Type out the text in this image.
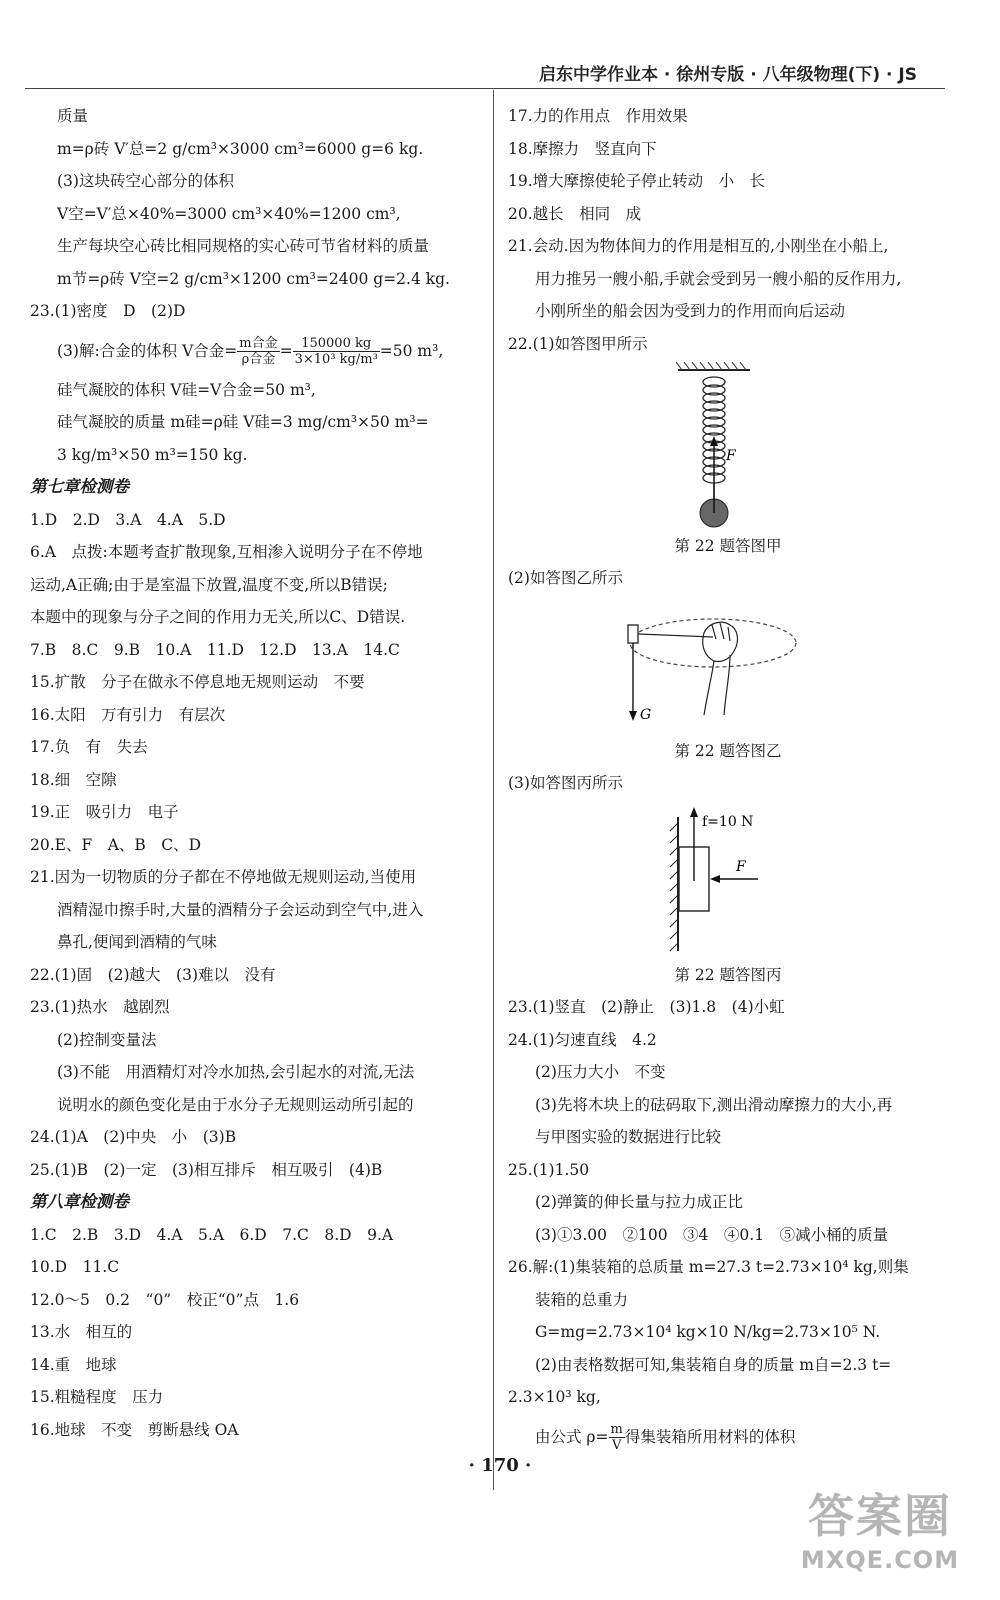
启东中学作业本 · 徐州专版 · 八年级物理(下) · JS
质量
m=ρ砖 V′总=2 g/cm³×3000 cm³=6000 g=6 kg.
(3)这块砖空心部分的体积
V空=V′总×40%=3000 cm³×40%=1200 cm³,
生产每块空心砖比相同规格的实心砖可节省材料的质量
m节=ρ砖 V空=2 g/cm³×1200 cm³=2400 g=2.4 kg.
23.(1)密度　D　(2)D
(3)解:合金的体积 V合金= $\frac{\text{m合金}}{\text{ρ合金}} = \frac{150000 kg}{\text{3×10³ kg/m³}} =50$ m³,
硅气凝胶的体积 V硅=V合金=50 m³,
硅气凝胶的质量 m硅=ρ硅 V硅=3 mg/cm³×50 m³=
3 kg/m³×50 m³=150 kg.
第七章检测卷
1.D　2.D　3.A　4.A　5.D
6.A　点拨:本题考查扩散现象,互相渗入说明分子在不停地
运动,A正确;由于是室温下放置,温度不变,所以B错误;
本题中的现象与分子之间的作用力无关,所以C、D错误.
7.B　8.C　9.B　10.A　11.D　12.D　13.A　14.C
15.扩散　分子在做永不停息地无规则运动　不要
16.太阳　万有引力　有层次
17.负　有　失去
18.细　空隙
19.正　吸引力　电子
20.E、F　A、B　C、D
21.因为一切物质的分子都在不停地做无规则运动,当使用
酒精湿巾擦手时,大量的酒精分子会运动到空气中,进入
鼻孔,便闻到酒精的气味
22.(1)固　(2)越大　(3)难以　没有
23.(1)热水　越剧烈
(2)控制变量法
(3)不能　用酒精灯对冷水加热,会引起水的对流,无法
说明水的颜色变化是由于水分子无规则运动所引起的
24.(1)A　(2)中央　小　(3)B
25.(1)B　(2)一定　(3)相互排斥　相互吸引　(4)B
第八章检测卷
1.C　2.B　3.D　4.A　5.A　6.D　7.C　8.D　9.A
10.D　11.C
12.0～5　0.2　“0”　校正“0”点　1.6
13.水　相互的
14.重　地球
15.粗糙程度　压力
16.地球　不变　剪断悬线 OA
17.力的作用点　作用效果
18.摩擦力　竖直向下
19.增大摩擦使轮子停止转动　小　长
20.越长　相同　成
21.会动.因为物体间力的作用是相互的,小刚坐在小船上,
用力推另一艘小船,手就会受到另一艘小船的反作用力,
小刚所坐的船会因为受到力的作用而向后运动
22.(1)如答图甲所示
F
第 22 题答图甲
(2)如答图乙所示
G
第 22 题答图乙
(3)如答图丙所示
f=10 N
F
第 22 题答图丙
23.(1)竖直　(2)静止　(3)1.8　(4)小虹
24.(1)匀速直线　4.2
(2)压力大小　不变
(3)先将木块上的砝码取下,测出滑动摩擦力的大小,再
与甲图实验的数据进行比较
25.(1)1.50
(2)弹簧的伸长量与拉力成正比
(3)①3.00　②100　③4　④0.1　⑤减小桶的质量
26.解:(1)集装箱的总质量 m=27.3 t=2.73×10⁴ kg,则集
装箱的总重力
G=mg=2.73×10⁴ kg×10 N/kg=2.73×10⁵ N.
(2)由表格数据可知,集装箱自身的质量 m自=2.3 t=
2.3×10³ kg,
由公式 $\rho= \frac{m}{V}$ 得集装箱所用材料的体积
· 170 ·
答案圈
MXQE.COM
